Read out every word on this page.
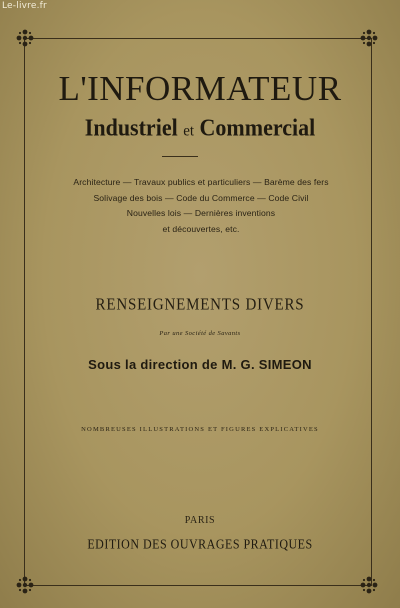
Le-livre.fr
L'INFORMATEUR
Industriel et Commercial
Architecture — Travaux publics et particuliers — Barème des fers
Solivage des bois — Code du Commerce — Code Civil
Nouvelles lois — Dernières inventions
et découvertes, etc.
RENSEIGNEMENTS DIVERS
Par une Société de Savants
Sous la direction de M. G. SIMEON
NOMBREUSES ILLUSTRATIONS ET FIGURES EXPLICATIVES
PARIS
EDITION DES OUVRAGES PRATIQUES
